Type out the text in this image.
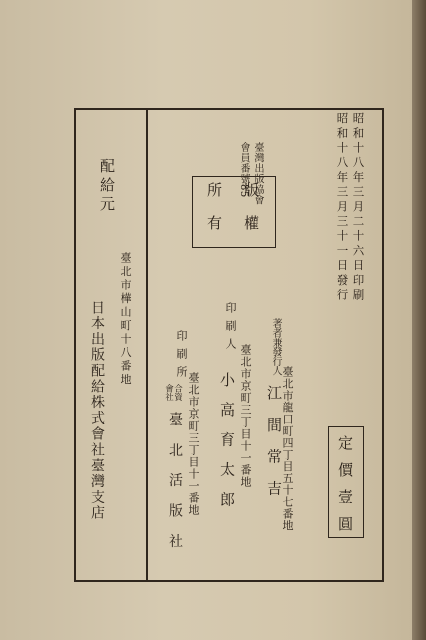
昭和十八年三月二十六日印刷
昭和十八年三月三十一日發行
臺灣出版協會
會員番號85
版權
所有
臺北市龍口町四丁目五十七番地
著者兼發行人
江 間 常 吉
臺北市京町三丁目十一番地
印刷人
小 高 育 太 郎
臺北市京町三丁目十一番地
印刷所
合資
會社
臺 北 活 版 社
配給元
臺北市樺山町十八番地
日本出版配給株式會社臺灣支店	定價壹圓
